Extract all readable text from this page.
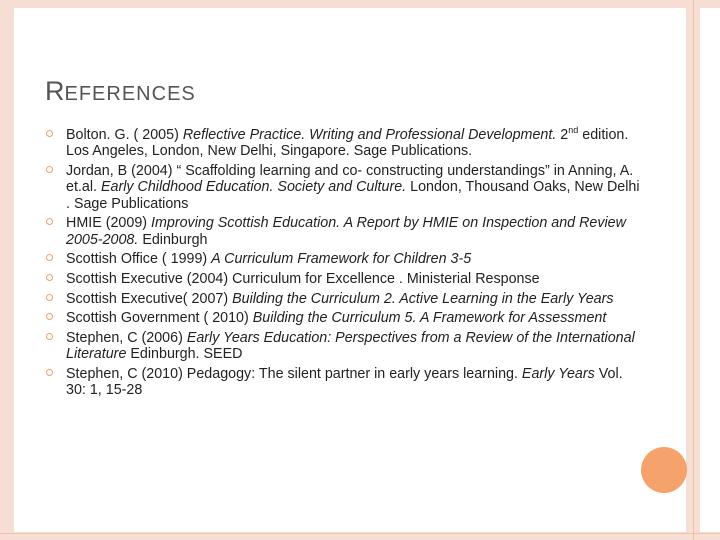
REFERENCES
Bolton. G. ( 2005) Reflective Practice. Writing and Professional Development. 2nd edition. Los Angeles, London, New Delhi, Singapore. Sage Publications.
Jordan, B (2004) “ Scaffolding learning and co- constructing understandings” in Anning, A. et.al. Early Childhood Education. Society and Culture. London, Thousand Oaks, New Delhi . Sage Publications
HMIE (2009) Improving Scottish Education. A Report by HMIE on Inspection and Review 2005-2008. Edinburgh
Scottish Office ( 1999) A Curriculum Framework for Children 3-5
Scottish Executive (2004) Curriculum for Excellence . Ministerial Response
Scottish Executive( 2007) Building the Curriculum 2. Active Learning in the Early Years
Scottish Government ( 2010) Building the Curriculum 5. A Framework for Assessment
Stephen, C (2006) Early Years Education: Perspectives from a Review of the International Literature Edinburgh. SEED
Stephen, C (2010) Pedagogy: The silent partner in early years learning. Early Years Vol. 30: 1, 15-28
